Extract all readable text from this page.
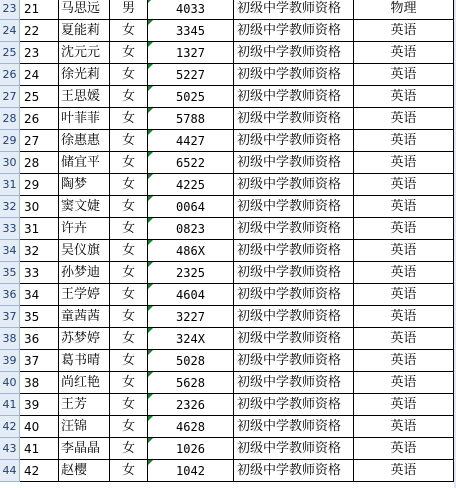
23 21	马思远	男	4033	初级中学教师资格	物理
24 22	夏能莉	女	3345	初级中学教师资格	英语
25 23	沈元元	女	1327	初级中学教师资格	英语
26 24	徐光莉	女	5227	初级中学教师资格	英语
27 25	王思媛	女	5025	初级中学教师资格	英语
28 26	叶菲菲	女	5788	初级中学教师资格	英语
29 27	徐惠惠	女	4427	初级中学教师资格	英语
30 28	储宜平	女	6522	初级中学教师资格	英语
31 29	陶梦	女	4225	初级中学教师资格	英语
32 30	窦文婕	女	0064	初级中学教师资格	英语
33 31	许卉	女	0823	初级中学教师资格	英语
34 32	吴仪旗	女	486X	初级中学教师资格	英语
35 33	孙梦迪	女	2325	初级中学教师资格	英语
36 34	王学婷	女	4604	初级中学教师资格	英语
37 35	童茜茜	女	3227	初级中学教师资格	英语
38 36	苏梦婷	女	324X	初级中学教师资格	英语
39 37	葛书晴	女	5028	初级中学教师资格	英语
40 38	尚红艳	女	5628	初级中学教师资格	英语
41 39	王芳	女	2326	初级中学教师资格	英语
42 40	汪锦	女	4628	初级中学教师资格	英语
43 41	李晶晶	女	1026	初级中学教师资格	英语
44 42	赵樱	女	1042	初级中学教师资格	英语
